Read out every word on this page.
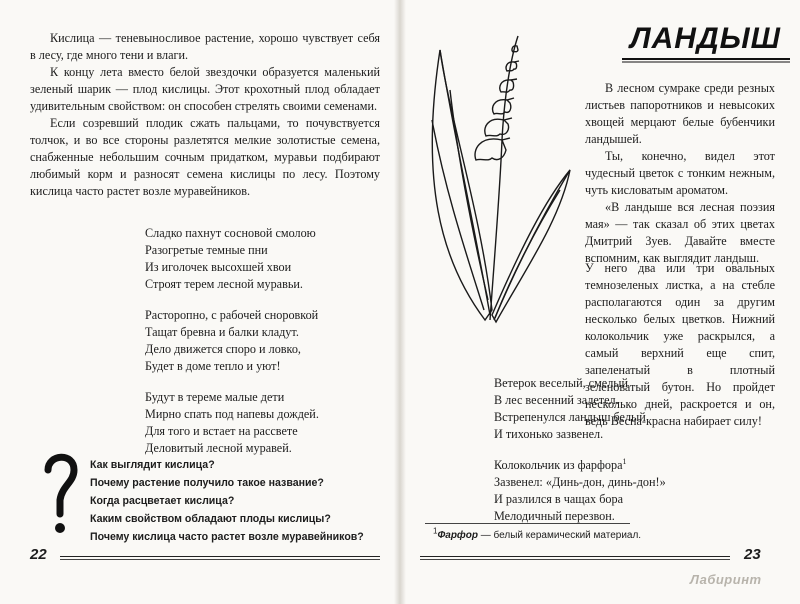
Кислица — теневыносливое растение, хорошо чувствует себя в лесу, где много тени и влаги.

К концу лета вместо белой звездочки образуется маленький зеленый шарик — плод кислицы. Этот крохотный плод обладает удивительным свойством: он способен стрелять своими семенами.

Если созревший плодик сжать пальцами, то почувствуется толчок, и во все стороны разлетятся мелкие золотистые семена, снабженные небольшим сочным придатком, муравьи подбирают любимый корм и разносят семена кислицы по лесу. Поэтому кислица часто растет возле муравейников.

Сладко пахнут сосновой смолою
Разогретые темные пни
Из иголочек высохшей хвои
Строят терем лесной муравьи.
Расторопно, с рабочей сноровкой
Тащат бревна и балки кладут.
Дело движется споро и ловко,
Будет в доме тепло и уют!
Будут в тереме малые дети
Мирно спать под напевы дождей.
Для того и встает на рассвете
Деловитый лесной муравей.
Как выглядит кислица?
Почему растение получило такое название?
Когда расцветает кислица?
Каким свойством обладают плоды кислицы?
Почему кислица часто растет возле муравейников?
22
ЛАНДЫШ

В лесном сумраке среди резных листьев папоротников и невысоких хвощей мерцают белые бубенчики ландышей.

Ты, конечно, видел этот чудесный цветок с тонким нежным, чуть кисловатым ароматом.

«В ландыше вся лесная поэзия мая» — так сказал об этих цветах Дмитрий Зуев. Давайте вместе вспомним, как выглядит ландыш.

У него два или три овальных темнозеленых листка, а на стебле располагаются один за другим несколько белых цветков. Нижний колокольчик уже раскрылся, а самый верхний еще спит, запеленатый в плотный зеленоватый бутон. Но пройдет несколько дней, раскроется и он, ведь Весна-красна набирает силу!

Ветерок веселый, смелый
В лес весенний залетел.
Встрепенулся ландыш белый
И тихонько зазвенел.
Колокольчик из фарфора$^1$
Зазвенел: «Динь-дон, динь-дон!»
И разлился в чащах бора
Мелодичный перезвон.
$^1$Фарфор — белый керамический материал.
23
Лабиринт
